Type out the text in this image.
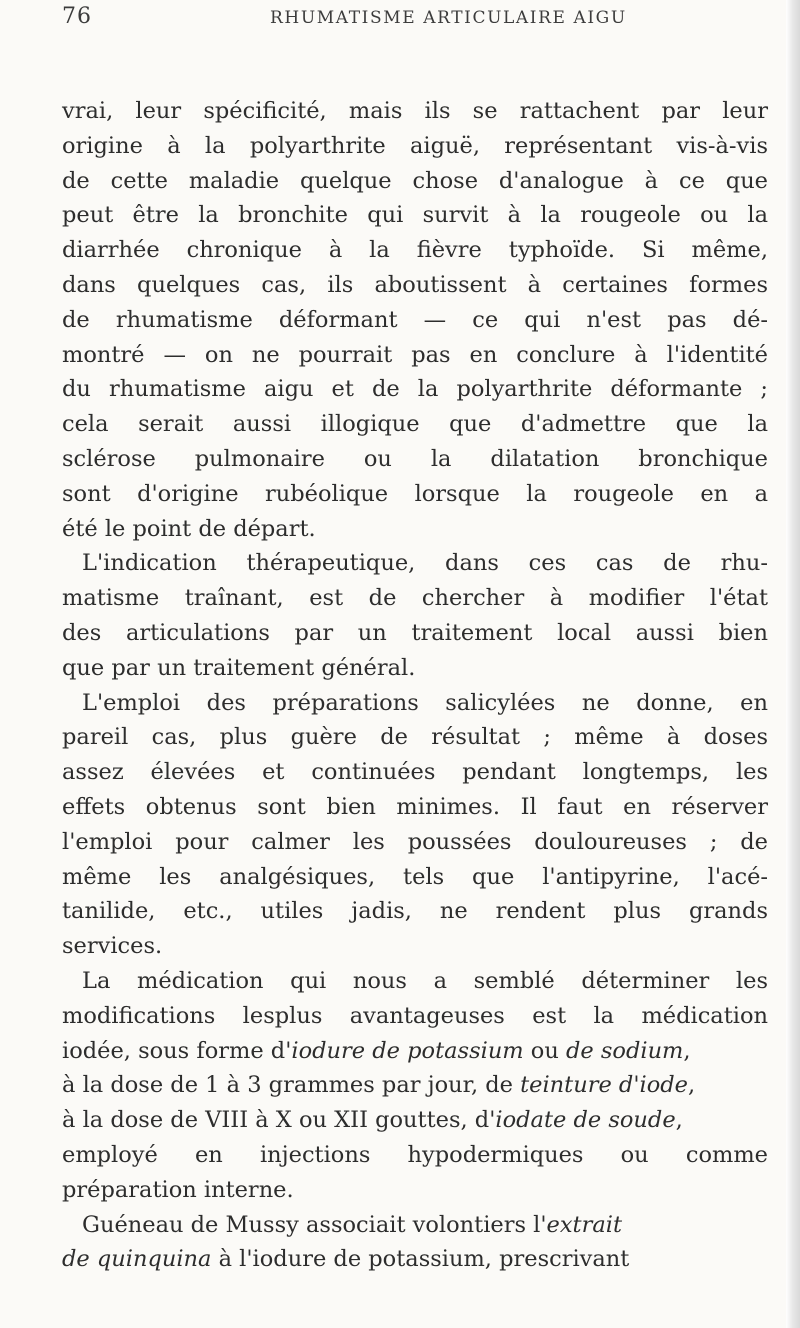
76	RHUMATISME ARTICULAIRE AIGU
vrai, leur spécificité, mais ils se rattachent par leur
origine à la polyarthrite aiguë, représentant vis-à-vis
de cette maladie quelque chose d'analogue à ce que
peut être la bronchite qui survit à la rougeole ou la
diarrhée chronique à la fièvre typhoïde. Si même,
dans quelques cas, ils aboutissent à certaines formes
de rhumatisme déformant — ce qui n'est pas dé-
montré — on ne pourrait pas en conclure à l'identité
du rhumatisme aigu et de la polyarthrite déformante ;
cela serait aussi illogique que d'admettre que la
sclérose pulmonaire ou la dilatation bronchique
sont d'origine rubéolique lorsque la rougeole en a
été le point de départ.
L'indication thérapeutique, dans ces cas de rhu-
matisme traînant, est de chercher à modifier l'état
des articulations par un traitement local aussi bien
que par un traitement général.
L'emploi des préparations salicylées ne donne, en
pareil cas, plus guère de résultat ; même à doses
assez élevées et continuées pendant longtemps, les
effets obtenus sont bien minimes. Il faut en réserver
l'emploi pour calmer les poussées douloureuses ; de
même les analgésiques, tels que l'antipyrine, l'acé-
tanilide, etc., utiles jadis, ne rendent plus grands
services.
La médication qui nous a semblé déterminer les
modifications lesplus avantageuses est la médication
iodée, sous forme d'iodure de potassium ou de sodium,
à la dose de 1 à 3 grammes par jour, de teinture d'iode,
à la dose de VIII à X ou XII gouttes, d'iodate de soude,
employé en injections hypodermiques ou comme
préparation interne.
Guéneau de Mussy associait volontiers l'extrait
de quinquina à l'iodure de potassium, prescrivant
